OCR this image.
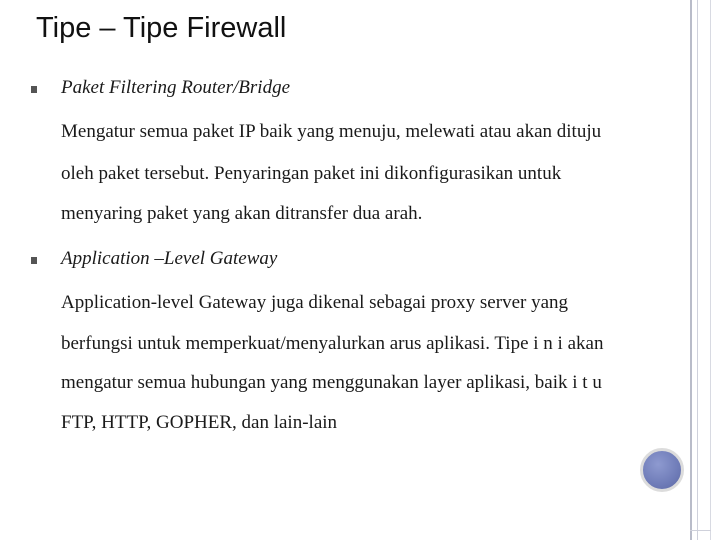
Tipe – Tipe Firewall
Paket Filtering Router/Bridge
Mengatur semua paket IP baik yang menuju, melewati atau akan dituju
oleh paket tersebut. Penyaringan paket ini dikonfigurasikan untuk
menyaring paket yang akan ditransfer dua arah.
Application –Level Gateway
Application-level Gateway juga dikenal sebagai proxy server yang
berfungsi untuk memperkuat/menyalurkan arus aplikasi. Tipe i n i akan
mengatur semua hubungan yang menggunakan layer aplikasi, baik i t u
FTP, HTTP, GOPHER, dan lain-lain
